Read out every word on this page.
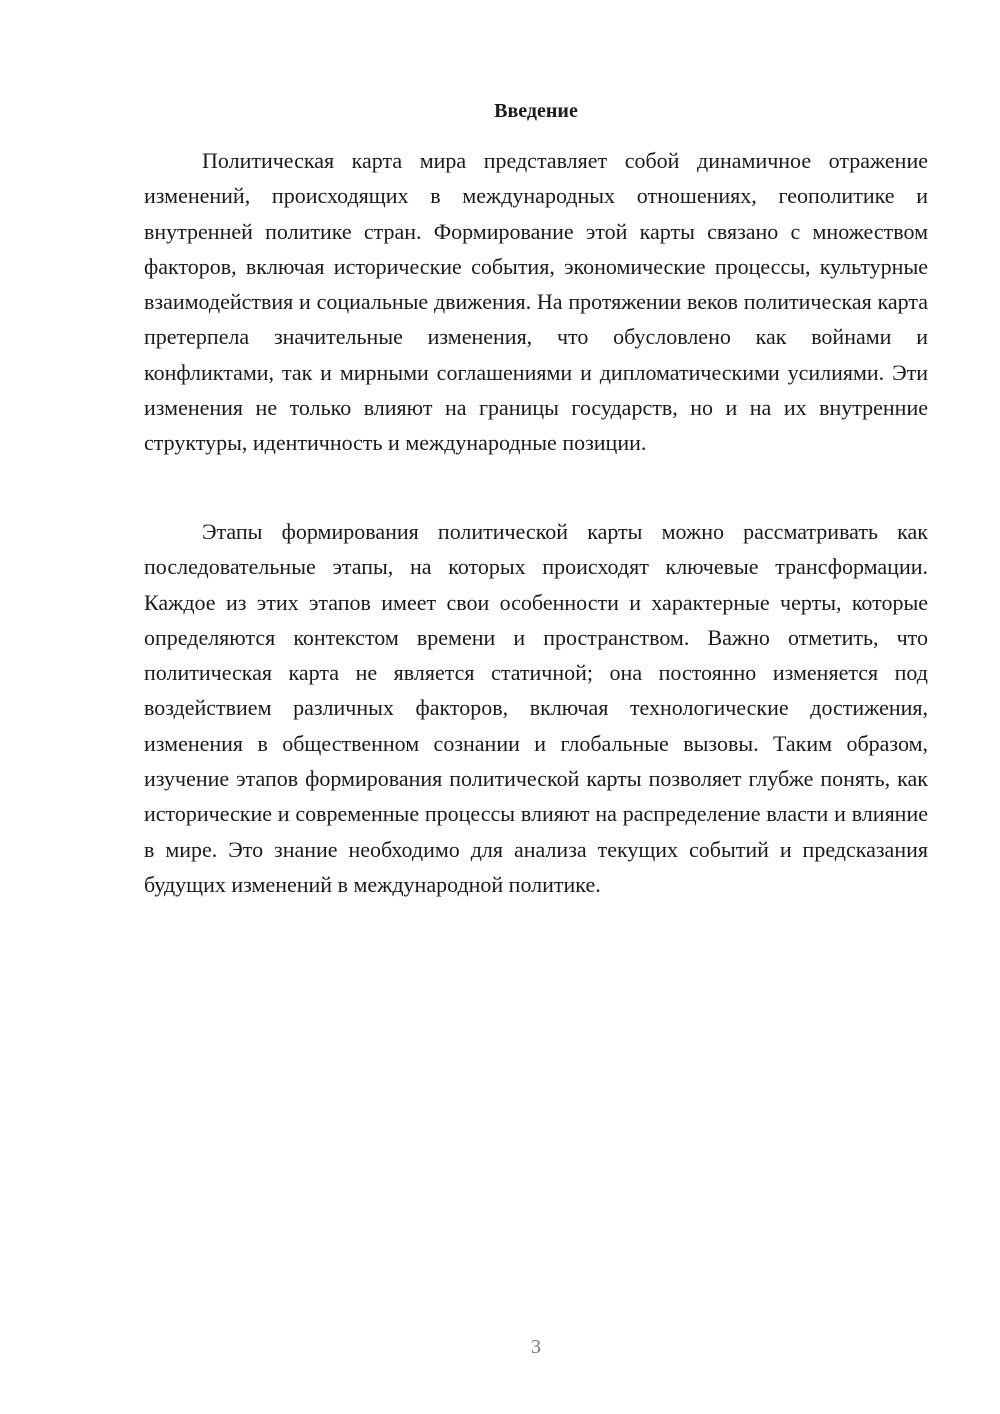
Введение

Политическая карта мира представляет собой динамичное отражение изменений, происходящих в международных отношениях, геополитике и внутренней политике стран. Формирование этой карты связано с множеством факторов, включая исторические события, экономические процессы, культурные взаимодействия и социальные движения. На протяжении веков политическая карта претерпела значительные изменения, что обусловлено как войнами и конфликтами, так и мирными соглашениями и дипломатическими усилиями. Эти изменения не только влияют на границы государств, но и на их внутренние структуры, идентичность и международные позиции.

Этапы формирования политической карты можно рассматривать как последовательные этапы, на которых происходят ключевые трансформации. Каждое из этих этапов имеет свои особенности и характерные черты, которые определяются контекстом времени и пространством. Важно отметить, что политическая карта не является статичной; она постоянно изменяется под воздействием различных факторов, включая технологические достижения, изменения в общественном сознании и глобальные вызовы. Таким образом, изучение этапов формирования политической карты позволяет глубже понять, как исторические и современные процессы влияют на распределение власти и влияние в мире. Это знание необходимо для анализа текущих событий и предсказания будущих изменений в международной политике.

3
